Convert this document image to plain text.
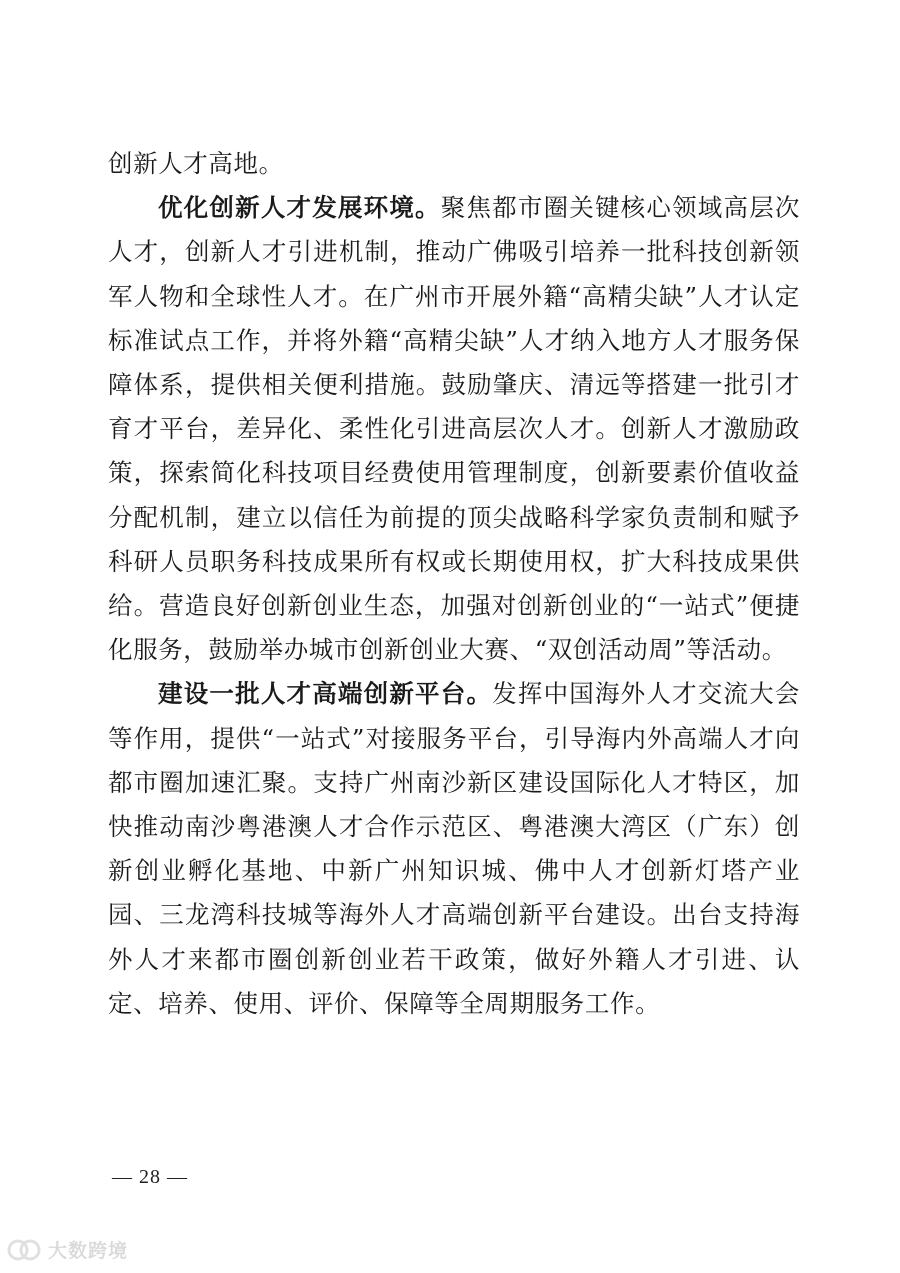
创新人才高地。

优化创新人才发展环境。聚焦都市圈关键核心领域高层次人才，创新人才引进机制，推动广佛吸引培养一批科技创新领军人物和全球性人才。在广州市开展外籍“高精尖缺”人才认定标准试点工作，并将外籍“高精尖缺”人才纳入地方人才服务保障体系，提供相关便利措施。鼓励肇庆、清远等搭建一批引才育才平台，差异化、柔性化引进高层次人才。创新人才激励政策，探索简化科技项目经费使用管理制度，创新要素价值收益分配机制，建立以信任为前提的顶尖战略科学家负责制和赋予科研人员职务科技成果所有权或长期使用权，扩大科技成果供给。营造良好创新创业生态，加强对创新创业的“一站式”便捷化服务，鼓励举办城市创新创业大赛、“双创活动周”等活动。

建设一批人才高端创新平台。发挥中国海外人才交流大会等作用，提供“一站式”对接服务平台，引导海内外高端人才向都市圈加速汇聚。支持广州南沙新区建设国际化人才特区，加快推动南沙粤港澳人才合作示范区、粤港澳大湾区（广东）创新创业孵化基地、中新广州知识城、佛中人才创新灯塔产业园、三龙湾科技城等海外人才高端创新平台建设。出台支持海外人才来都市圈创新创业若干政策，做好外籍人才引进、认定、培养、使用、评价、保障等全周期服务工作。

— 28 —
大数跨境
